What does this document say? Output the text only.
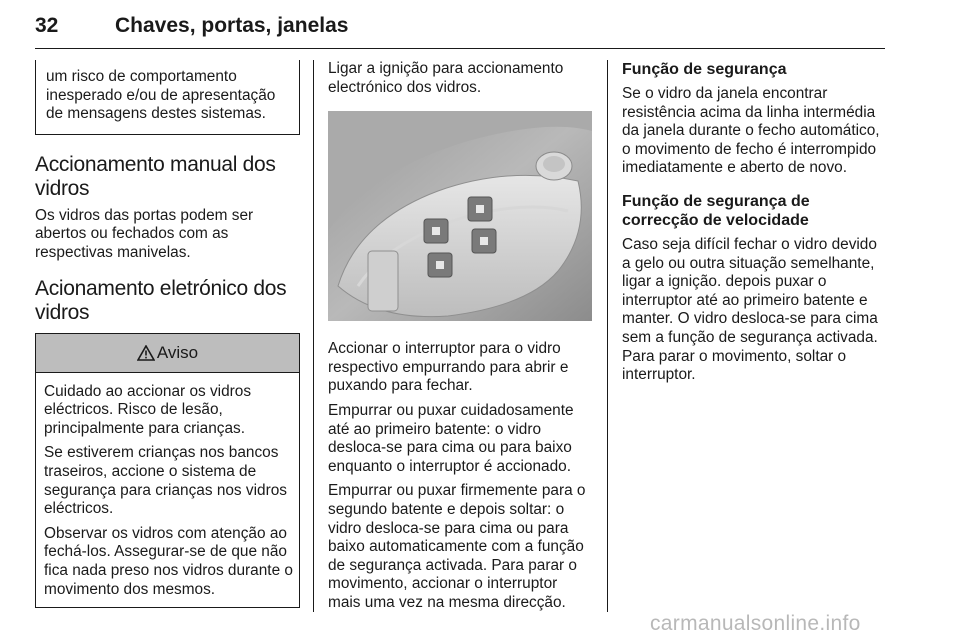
32	Chaves, portas, janelas

um risco de comportamento inesperado e/ou de apresentação de mensagens destes sistemas.

Accionamento manual dos vidros

Os vidros das portas podem ser abertos ou fechados com as respectivas manivelas.

Acionamento eletrónico dos vidros
Aviso

Cuidado ao accionar os vidros eléctricos. Risco de lesão, principalmente para crianças.

Se estiverem crianças nos bancos traseiros, accione o sistema de segurança para crianças nos vidros eléctricos.

Observar os vidros com atenção ao fechá-los. Assegurar-se de que não fica nada preso nos vidros durante o movimento dos mesmos.

Ligar a ignição para accionamento electrónico dos vidros.

Accionar o interruptor para o vidro respectivo empurrando para abrir e puxando para fechar.

Empurrar ou puxar cuidadosamente até ao primeiro batente: o vidro desloca-se para cima ou para baixo enquanto o interruptor é accionado.

Empurrar ou puxar firmemente para o segundo batente e depois soltar: o vidro desloca-se para cima ou para baixo automaticamente com a função de segurança activada. Para parar o movimento, accionar o interruptor mais uma vez na mesma direcção.

Função de segurança

Se o vidro da janela encontrar resistência acima da linha intermédia da janela durante o fecho automático, o movimento de fecho é interrompido imediatamente e aberto de novo.

Função de segurança de correcção de velocidade

Caso seja difícil fechar o vidro devido a gelo ou outra situação semelhante, ligar a ignição. depois puxar o interruptor até ao primeiro batente e manter. O vidro desloca-se para cima sem a função de segurança activada. Para parar o movimento, soltar o interruptor.

carmanualsonline.info
